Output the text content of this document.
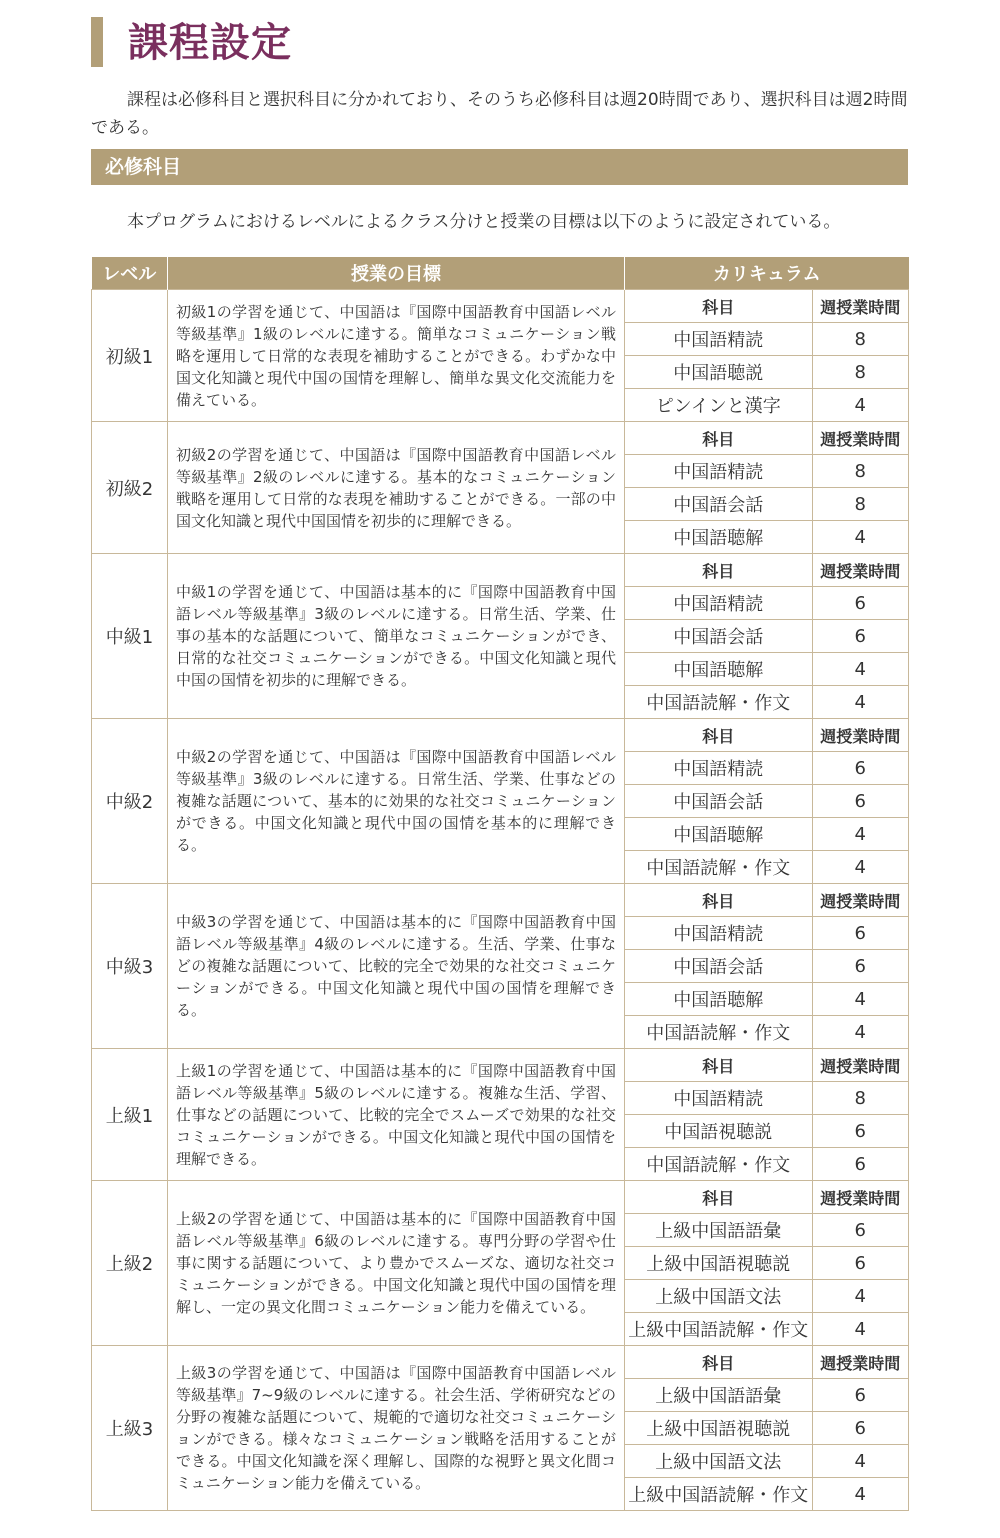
課程設定

課程は必修科目と選択科目に分かれており、そのうち必修科目は週20時間であり、選択科目は週2時間である。

必修科目

本プログラムにおけるレベルによるクラス分けと授業の目標は以下のように設定されている。

レベル	授業の目標	カリキュラム
初級1	初級1の学習を通じて、中国語は『国際中国語教育中国語レベル等級基準』1級のレベルに達する。簡単なコミュニケーション戦略を運用して日常的な表現を補助することができる。わずかな中国文化知識と現代中国の国情を理解し、簡単な異文化交流能力を備えている。	
科目	週授業時間
中国語精読	8
中国語聴説	8
ピンインと漢字	4

初級2	初級2の学習を通じて、中国語は『国際中国語教育中国語レベル等級基準』2級のレベルに達する。基本的なコミュニケーション戦略を運用して日常的な表現を補助することができる。一部の中国文化知識と現代中国国情を初歩的に理解できる。	
科目	週授業時間
中国語精読	8
中国語会話	8
中国語聴解	4

中級1	中級1の学習を通じて、中国語は基本的に『国際中国語教育中国語レベル等級基準』3級のレベルに達する。日常生活、学業、仕事の基本的な話題について、簡単なコミュニケーションができ、日常的な社交コミュニケーションができる。中国文化知識と現代中国の国情を初歩的に理解できる。	
科目	週授業時間
中国語精読	6
中国語会話	6
中国語聴解	4
中国語読解・作文	4

中級2	中級2の学習を通じて、中国語は『国際中国語教育中国語レベル等級基準』3級のレベルに達する。日常生活、学業、仕事などの複雑な話題について、基本的に効果的な社交コミュニケーションができる。中国文化知識と現代中国の国情を基本的に理解できる。	
科目	週授業時間
中国語精読	6
中国語会話	6
中国語聴解	4
中国語読解・作文	4

中級3	中級3の学習を通じて、中国語は基本的に『国際中国語教育中国語レベル等級基準』4級のレベルに達する。生活、学業、仕事などの複雑な話題について、比較的完全で効果的な社交コミュニケーションができる。中国文化知識と現代中国の国情を理解できる。	
科目	週授業時間
中国語精読	6
中国語会話	6
中国語聴解	4
中国語読解・作文	4

上級1	上級1の学習を通じて、中国語は基本的に『国際中国語教育中国語レベル等級基準』5級のレベルに達する。複雑な生活、学習、仕事などの話題について、比較的完全でスムーズで効果的な社交コミュニケーションができる。中国文化知識と現代中国の国情を理解できる。	
科目	週授業時間
中国語精読	8
中国語視聴説	6
中国語読解・作文	6

上級2	上級2の学習を通じて、中国語は基本的に『国際中国語教育中国語レベル等級基準』6級のレベルに達する。専門分野の学習や仕事に関する話題について、より豊かでスムーズな、適切な社交コミュニケーションができる。中国文化知識と現代中国の国情を理解し、一定の異文化間コミュニケーション能力を備えている。	
科目	週授業時間
上級中国語語彙	6
上級中国語視聴説	6
上級中国語文法	4
上級中国語読解・作文	4

上級3	上級3の学習を通じて、中国語は『国際中国語教育中国語レベル等級基準』7~9級のレベルに達する。社会生活、学術研究などの分野の複雑な話題について、規範的で適切な社交コミュニケーションができる。様々なコミュニケーション戦略を活用することができる。中国文化知識を深く理解し、国際的な視野と異文化間コミュニケーション能力を備えている。	
科目	週授業時間
上級中国語語彙	6
上級中国語視聴説	6
上級中国語文法	4
上級中国語読解・作文	4
